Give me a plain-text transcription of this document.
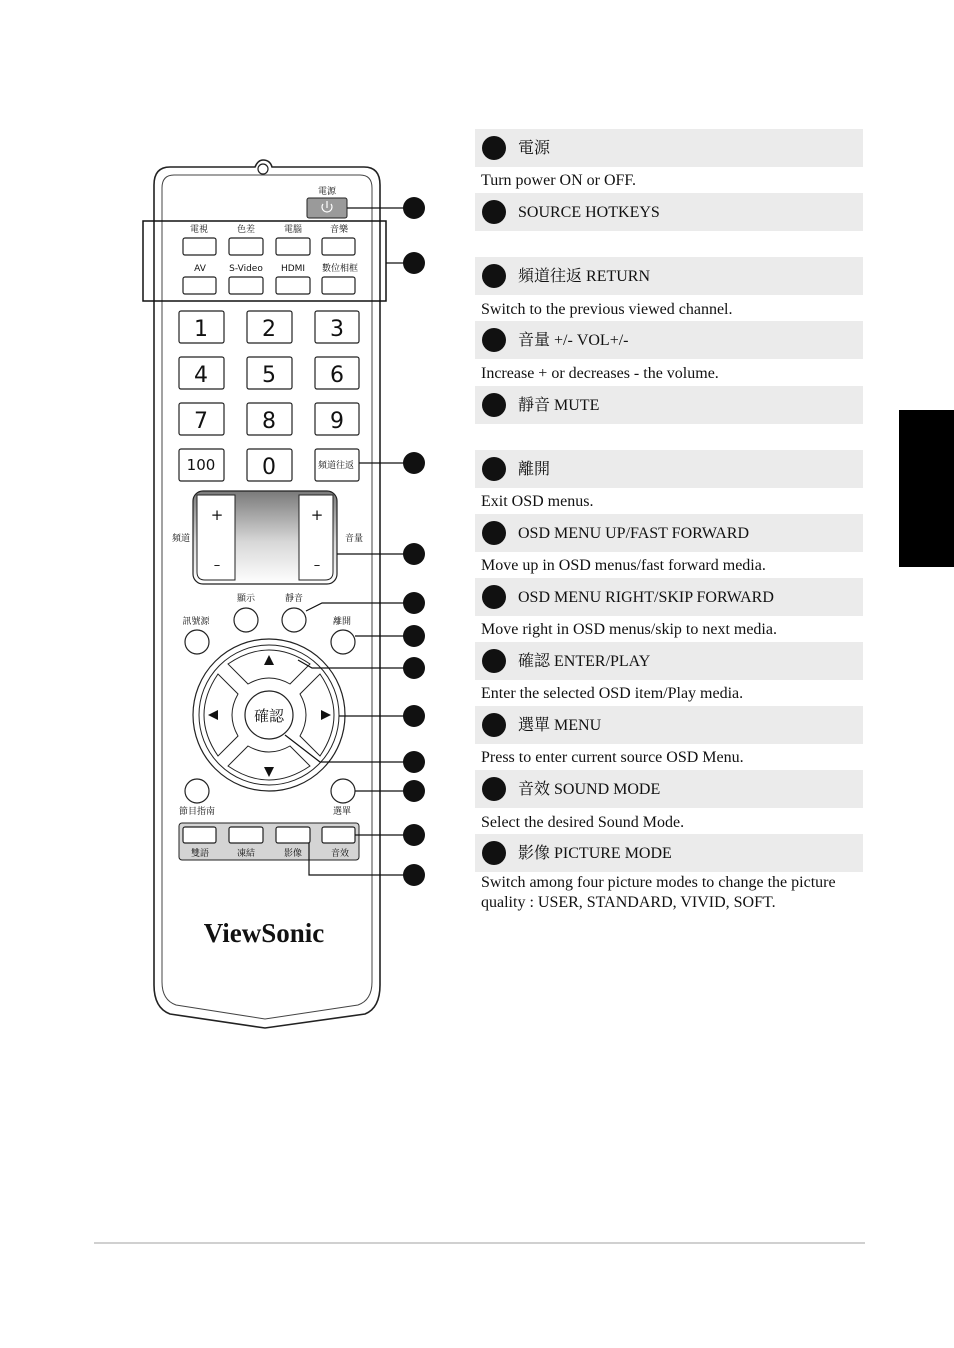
電源
電視	色差	電腦	音樂
AV	S-Video HDMI 數位相框
1 2 3
4 5 6
7 8 9
100 0	頻道往返
+
–
+
–
頻道	音量
顯示	靜音
訊號源	離開
確認
節目指南	選單
雙語	凍結	影像	音效
ViewSonic
電源
Turn power ON or OFF.
SOURCE HOTKEYS
頻道往返 RETURN
Switch to the previous viewed channel.
音量 +/- VOL+/-
Increase + or decreases - the volume.
靜音 MUTE
離開
Exit OSD menus.
OSD MENU UP/FAST FORWARD
Move up in OSD menus/fast forward media.
OSD MENU RIGHT/SKIP FORWARD
Move right in OSD menus/skip to next media.
確認 ENTER/PLAY
Enter the selected OSD item/Play media.
選單 MENU
Press to enter current source OSD Menu.
音效 SOUND MODE
Select the desired Sound Mode.
影像 PICTURE MODE
Switch among four picture modes to change the picture quality : USER, STANDARD, VIVID, SOFT.
